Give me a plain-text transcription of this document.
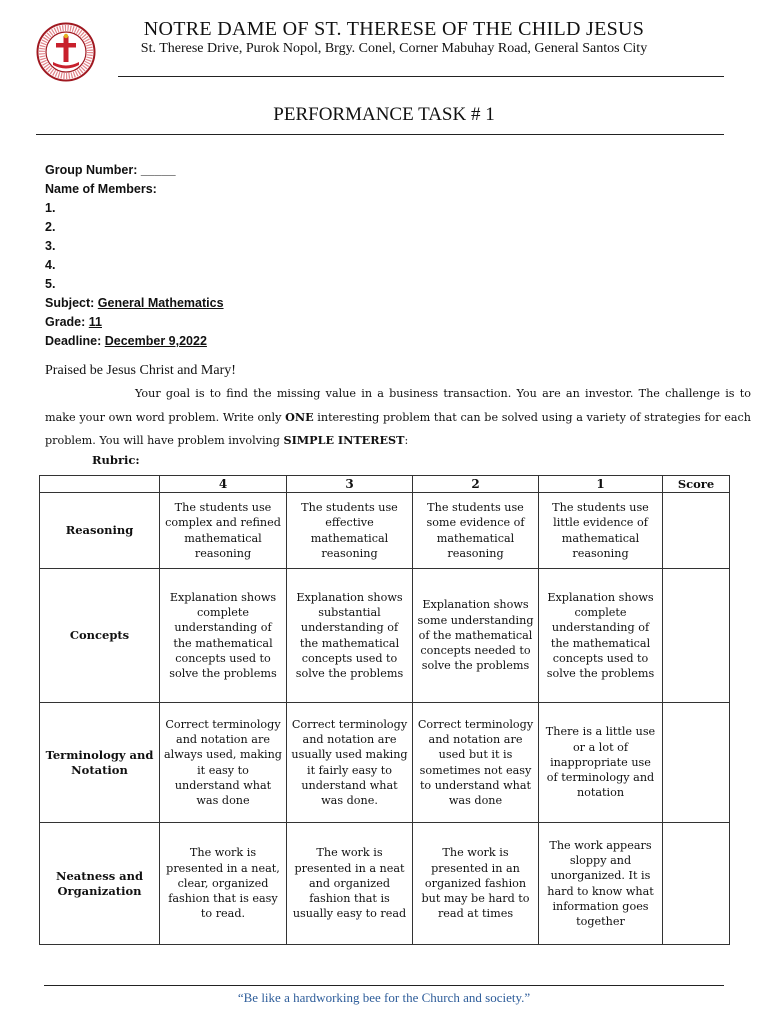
NOTRE DAME OF ST. THERESE OF THE CHILD JESUS
St. Therese Drive, Purok Nopol, Brgy. Conel, Corner Mabuhay Road, General Santos City
PERFORMANCE TASK # 1
Group Number: _____
Name of Members:
1.
2.
3.
4.
5.
Subject: General Mathematics
Grade: 11
Deadline: December 9,2022
Praised be Jesus Christ and Mary!
Your goal is to find the missing value in a business transaction. You are an investor. The challenge is to make your own word problem. Write only ONE interesting problem that can be solved using a variety of strategies for each problem. You will have problem involving SIMPLE INTEREST:
Rubric:
	4	3	2	1	Score
Reasoning	The students use complex and refined mathematical reasoning	The students use effective mathematical reasoning	The students use some evidence of mathematical reasoning	The students use little evidence of mathematical reasoning	
Concepts	Explanation shows complete understanding of the mathematical concepts used to solve the problems	Explanation shows substantial understanding of the mathematical concepts used to solve the problems	Explanation shows some understanding of the mathematical concepts needed to solve the problems	Explanation shows complete understanding of the mathematical concepts used to solve the problems	
Terminology and Notation	Correct terminology and notation are always used, making it easy to understand what was done	Correct terminology and notation are usually used making it fairly easy to understand what was done.	Correct terminology and notation are used but it is sometimes not easy to understand what was done	There is a little use or a lot of inappropriate use of terminology and notation	
Neatness and Organization	The work is presented in a neat, clear, organized fashion that is easy to read.	The work is presented in a neat and organized fashion that is usually easy to read	The work is presented in an organized fashion but may be hard to read at times	The work appears sloppy and unorganized. It is hard to know what information goes together	
“Be like a hardworking bee for the Church and society.”
